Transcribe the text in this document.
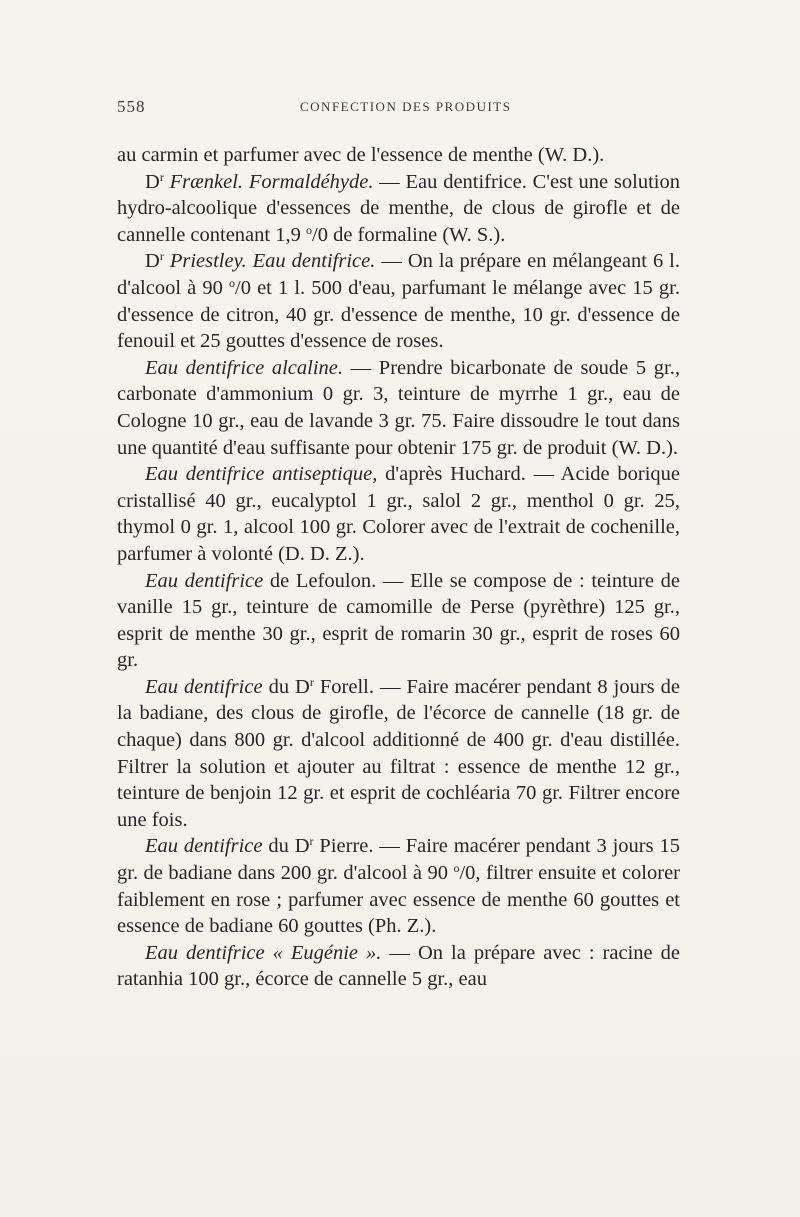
558	CONFECTION DES PRODUITS

au carmin et parfumer avec de l'essence de menthe (W. D.).

$D^r$ Frænkel. Formaldéhyde. — Eau dentifrice. C'est une solution hydro-alcoolique d'essences de menthe, de clous de girofle et de cannelle contenant 1,9 $^o$/0 de formaline (W. S.).

$D^r$ Priestley. Eau dentifrice. — On la prépare en mélangeant 6 l. d'alcool à 90 $^o$/0 et 1 l. 500 d'eau, parfumant le mélange avec 15 gr. d'essence de citron, 40 gr. d'essence de menthe, 10 gr. d'essence de fenouil et 25 gouttes d'essence de roses.

Eau dentifrice alcaline. — Prendre bicarbonate de soude 5 gr., carbonate d'ammonium 0 gr. 3, teinture de myrrhe 1 gr., eau de Cologne 10 gr., eau de lavande 3 gr. 75. Faire dissoudre le tout dans une quantité d'eau suffisante pour obtenir 175 gr. de produit (W. D.).

Eau dentifrice antiseptique, d'après Huchard. — Acide borique cristallisé 40 gr., eucalyptol 1 gr., salol 2 gr., menthol 0 gr. 25, thymol 0 gr. 1, alcool 100 gr. Colorer avec de l'extrait de cochenille, parfumer à volonté (D. D. Z.).

Eau dentifrice de Lefoulon. — Elle se compose de : teinture de vanille 15 gr., teinture de camomille de Perse (pyrèthre) 125 gr., esprit de menthe 30 gr., esprit de romarin 30 gr., esprit de roses 60 gr.

Eau dentifrice du $D^r$ Forell. — Faire macérer pendant 8 jours de la badiane, des clous de girofle, de l'écorce de cannelle (18 gr. de chaque) dans 800 gr. d'alcool additionné de 400 gr. d'eau distillée. Filtrer la solution et ajouter au filtrat : essence de menthe 12 gr., teinture de benjoin 12 gr. et esprit de cochléaria 70 gr. Filtrer encore une fois.

Eau dentifrice du $D^r$ Pierre. — Faire macérer pendant 3 jours 15 gr. de badiane dans 200 gr. d'alcool à 90 $^o$/0, filtrer ensuite et colorer faiblement en rose ; parfumer avec essence de menthe 60 gouttes et essence de badiane 60 gouttes (Ph. Z.).

Eau dentifrice « Eugénie ». — On la prépare avec : racine de ratanhia 100 gr., écorce de cannelle 5 gr., eau
